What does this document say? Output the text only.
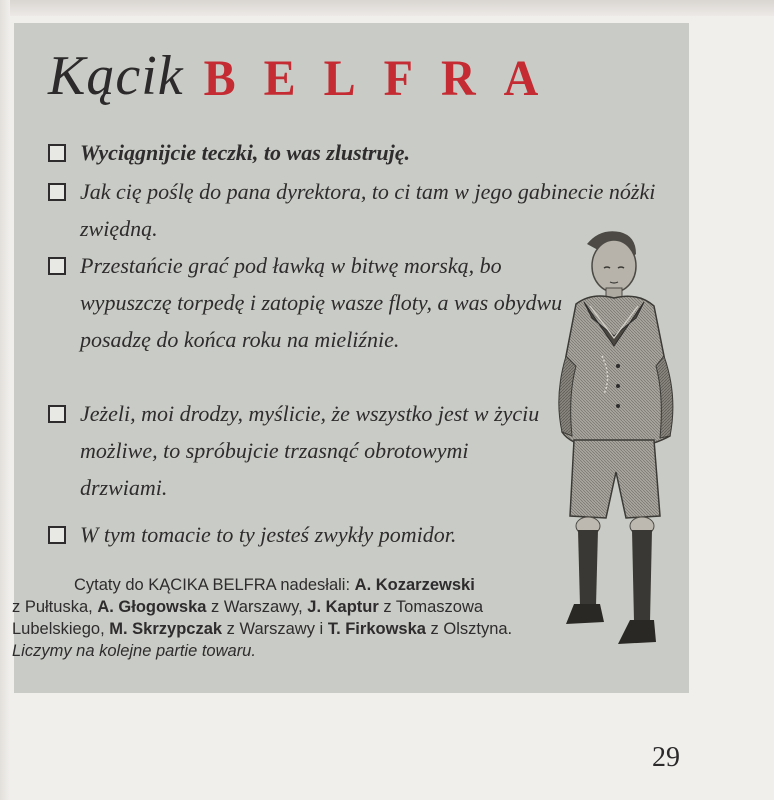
Kącik BELFRA
Wyciągnijcie teczki, to was zlustruję.
Jak cię poślę do pana dyrektora, to ci tam w jego gabinecie nóżki zwiędną.
Przestańcie grać pod ławką w bitwę morską, bo wypuszczę torpedę i zatopię wasze floty, a was obydwu posadzę do końca roku na mieliźnie.
Jeżeli, moi drodzy, myślicie, że wszystko jest w życiu możliwe, to spróbujcie trzasnąć obrotowymi drzwiami.
W tym tomacie to ty jesteś zwykły pomidor.
Cytaty do KĄCIKA BELFRA nadesłali: A. Kozarzewski
z Pułtuska, A. Głogowska z Warszawy, J. Kaptur z Tomaszowa
Lubelskiego, M. Skrzypczak z Warszawy i T. Firkowska z Olsztyna.
Liczymy na kolejne partie towaru.
29
